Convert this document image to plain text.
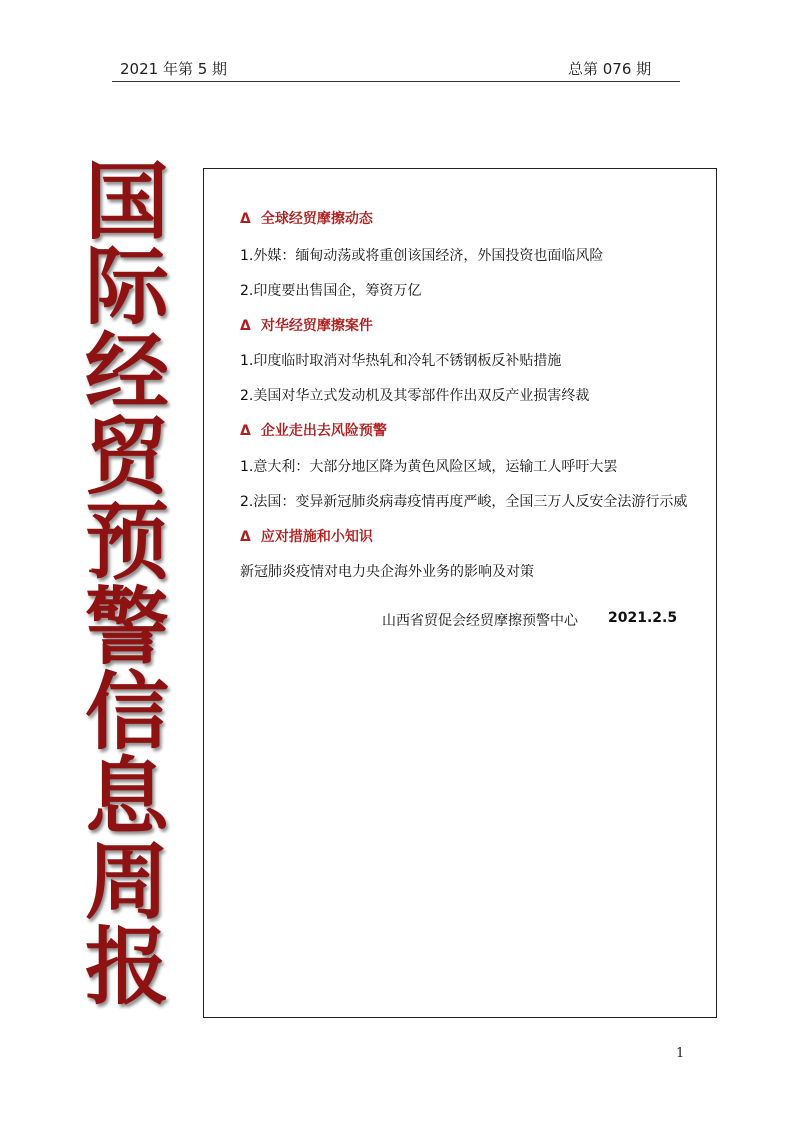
2021 年第 5 期	总第 076 期
国
际
经
贸
预
警
信
息
周
报
Δ 全球经贸摩擦动态
1.外媒：缅甸动荡或将重创该国经济，外国投资也面临风险
2.印度要出售国企，筹资万亿
Δ 对华经贸摩擦案件
1.印度临时取消对华热轧和冷轧不锈钢板反补贴措施
2.美国对华立式发动机及其零部件作出双反产业损害终裁
Δ 企业走出去风险预警
1.意大利：大部分地区降为黄色风险区域，运输工人呼吁大罢
2.法国：变异新冠肺炎病毒疫情再度严峻，全国三万人反安全法游行示威
Δ 应对措施和小知识
新冠肺炎疫情对电力央企海外业务的影响及对策
山西省贸促会经贸摩擦预警中心 2021.2.5
1
